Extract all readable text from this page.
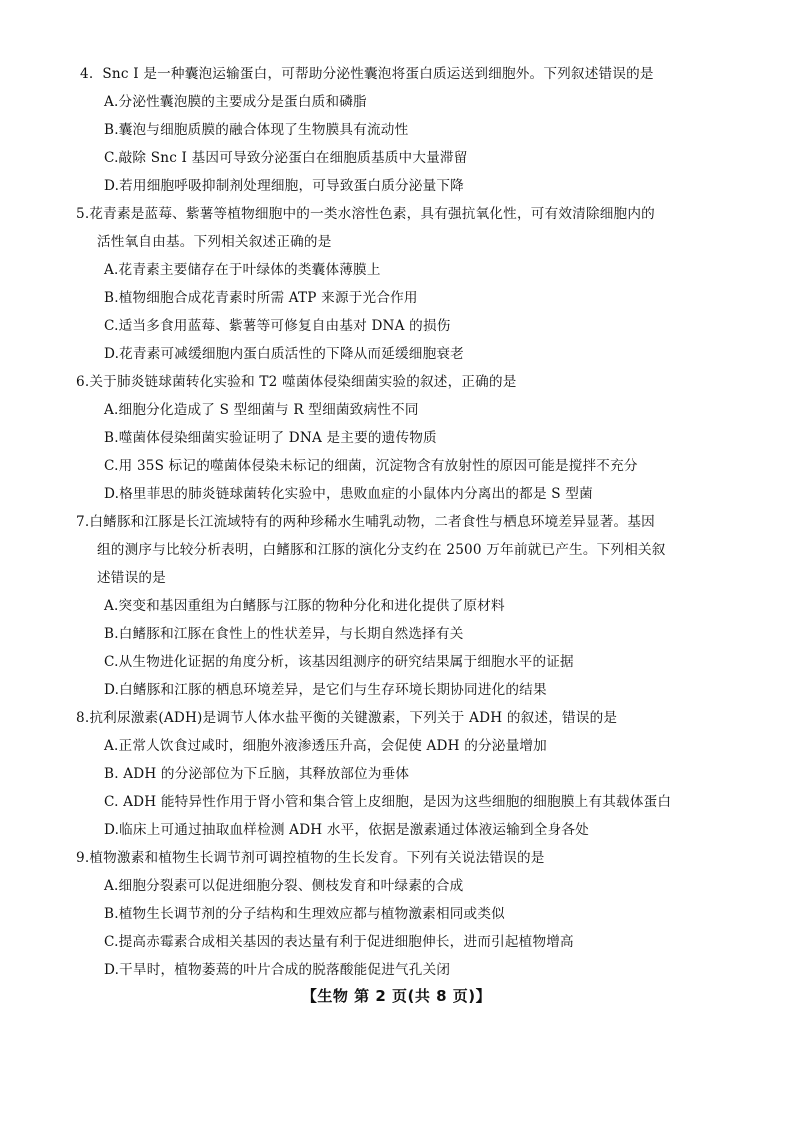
4. Snc I 是一种囊泡运输蛋白，可帮助分泌性囊泡将蛋白质运送到细胞外。下列叙述错误的是
A.分泌性囊泡膜的主要成分是蛋白质和磷脂
B.囊泡与细胞质膜的融合体现了生物膜具有流动性
C.敲除 Snc I 基因可导致分泌蛋白在细胞质基质中大量滞留
D.若用细胞呼吸抑制剂处理细胞，可导致蛋白质分泌量下降
5.花青素是蓝莓、紫薯等植物细胞中的一类水溶性色素，具有强抗氧化性，可有效清除细胞内的
活性氧自由基。下列相关叙述正确的是
A.花青素主要储存在于叶绿体的类囊体薄膜上
B.植物细胞合成花青素时所需 ATP 来源于光合作用
C.适当多食用蓝莓、紫薯等可修复自由基对 DNA 的损伤
D.花青素可减缓细胞内蛋白质活性的下降从而延缓细胞衰老
6.关于肺炎链球菌转化实验和 T2 噬菌体侵染细菌实验的叙述，正确的是
A.细胞分化造成了 S 型细菌与 R 型细菌致病性不同
B.噬菌体侵染细菌实验证明了 DNA 是主要的遗传物质
C.用 35S 标记的噬菌体侵染未标记的细菌，沉淀物含有放射性的原因可能是搅拌不充分
D.格里菲思的肺炎链球菌转化实验中，患败血症的小鼠体内分离出的都是 S 型菌
7.白鳍豚和江豚是长江流域特有的两种珍稀水生哺乳动物，二者食性与栖息环境差异显著。基因
组的测序与比较分析表明，白鳍豚和江豚的演化分支约在 2500 万年前就已产生。下列相关叙
述错误的是
A.突变和基因重组为白鳍豚与江豚的物种分化和进化提供了原材料
B.白鳍豚和江豚在食性上的性状差异，与长期自然选择有关
C.从生物进化证据的角度分析，该基因组测序的研究结果属于细胞水平的证据
D.白鳍豚和江豚的栖息环境差异，是它们与生存环境长期协同进化的结果
8.抗利尿激素(ADH)是调节人体水盐平衡的关键激素，下列关于 ADH 的叙述，错误的是
A.正常人饮食过咸时，细胞外液渗透压升高，会促使 ADH 的分泌量增加
B. ADH 的分泌部位为下丘脑，其释放部位为垂体
C. ADH 能特异性作用于肾小管和集合管上皮细胞，是因为这些细胞的细胞膜上有其载体蛋白
D.临床上可通过抽取血样检测 ADH 水平，依据是激素通过体液运输到全身各处
9.植物激素和植物生长调节剂可调控植物的生长发育。下列有关说法错误的是
A.细胞分裂素可以促进细胞分裂、侧枝发育和叶绿素的合成
B.植物生长调节剂的分子结构和生理效应都与植物激素相同或类似
C.提高赤霉素合成相关基因的表达量有利于促进细胞伸长，进而引起植物增高
D.干旱时，植物萎蔫的叶片合成的脱落酸能促进气孔关闭
【生物 第 2 页(共 8 页)】
